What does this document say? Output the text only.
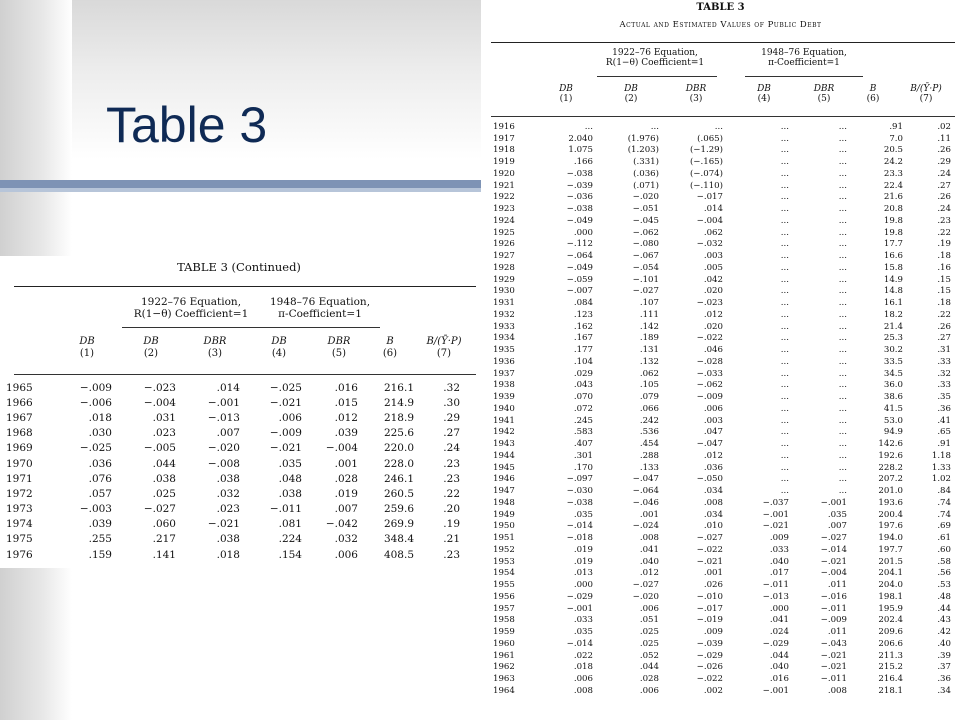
Table 3
TABLE 3 (Continued)
1922–76 Equation,
R(1−θ) Coefficient=1
1948–76 Equation,
π-Coefficient=1
DB
(1)
DB
(2)
DBR
(3)
DB
(4)
DBR
(5)
B
(6)
B/(Ȳ·P)
(7)
1965	−.009	−.023	.014	−.025	.016	216.1	.32
1966	−.006	−.004	−.001	−.021	.015	214.9	.30
1967	.018	.031	−.013	.006	.012	218.9	.29
1968	.030	.023	.007	−.009	.039	225.6	.27
1969	−.025	−.005	−.020	−.021	−.004	220.0	.24
1970	.036	.044	−.008	.035	.001	228.0	.23
1971	.076	.038	.038	.048	.028	246.1	.23
1972	.057	.025	.032	.038	.019	260.5	.22
1973	−.003	−.027	.023	−.011	.007	259.6	.20
1974	.039	.060	−.021	.081	−.042	269.9	.19
1975	.255	.217	.038	.224	.032	348.4	.21
1976	.159	.141	.018	.154	.006	408.5	.23
TABLE 3
Actual and Estimated Values of Public Debt
1922–76 Equation,
R(1−θ) Coefficient=1
1948–76 Equation,
π-Coefficient=1
DB
(1)
DB
(2)
DBR
(3)
DB
(4)
DBR
(5)
B
(6)
B/(Ȳ·P)
(7)
1916	...	...	...	...	...	.91	.02
1917	2.040	(1.976)	(.065)	...	...	7.0	.11
1918	1.075	(1.203)	(−1.29)	...	...	20.5	.26
1919	.166	(.331)	(−.165)	...	...	24.2	.29
1920	−.038	(.036)	(−.074)	...	...	23.3	.24
1921	−.039	(.071)	(−.110)	...	...	22.4	.27
1922	−.036	−.020	−.017	...	...	21.6	.26
1923	−.038	−.051	.014	...	...	20.8	.24
1924	−.049	−.045	−.004	...	...	19.8	.23
1925	.000	−.062	.062	...	...	19.8	.22
1926	−.112	−.080	−.032	...	...	17.7	.19
1927	−.064	−.067	.003	...	...	16.6	.18
1928	−.049	−.054	.005	...	...	15.8	.16
1929	−.059	−.101	.042	...	...	14.9	.15
1930	−.007	−.027	.020	...	...	14.8	.15
1931	.084	.107	−.023	...	...	16.1	.18
1932	.123	.111	.012	...	...	18.2	.22
1933	.162	.142	.020	...	...	21.4	.26
1934	.167	.189	−.022	...	...	25.3	.27
1935	.177	.131	.046	...	...	30.2	.31
1936	.104	.132	−.028	...	...	33.5	.33
1937	.029	.062	−.033	...	...	34.5	.32
1938	.043	.105	−.062	...	...	36.0	.33
1939	.070	.079	−.009	...	...	38.6	.35
1940	.072	.066	.006	...	...	41.5	.36
1941	.245	.242	.003	...	...	53.0	.41
1942	.583	.536	.047	...	...	94.9	.65
1943	.407	.454	−.047	...	...	142.6	.91
1944	.301	.288	.012	...	...	192.6	1.18
1945	.170	.133	.036	...	...	228.2	1.33
1946	−.097	−.047	−.050	...	...	207.2	1.02
1947	−.030	−.064	.034	...	...	201.0	.84
1948	−.038	−.046	.008	−.037	−.001	193.6	.74
1949	.035	.001	.034	−.001	.035	200.4	.74
1950	−.014	−.024	.010	−.021	.007	197.6	.69
1951	−.018	.008	−.027	.009	−.027	194.0	.61
1952	.019	.041	−.022	.033	−.014	197.7	.60
1953	.019	.040	−.021	.040	−.021	201.5	.58
1954	.013	.012	.001	.017	−.004	204.1	.56
1955	.000	−.027	.026	−.011	.011	204.0	.53
1956	−.029	−.020	−.010	−.013	−.016	198.1	.48
1957	−.001	.006	−.017	.000	−.011	195.9	.44
1958	.033	.051	−.019	.041	−.009	202.4	.43
1959	.035	.025	.009	.024	.011	209.6	.42
1960	−.014	.025	−.039	−.029	−.043	206.6	.40
1961	.022	.052	−.029	.044	−.021	211.3	.39
1962	.018	.044	−.026	.040	−.021	215.2	.37
1963	.006	.028	−.022	.016	−.011	216.4	.36
1964	.008	.006	.002	−.001	.008	218.1	.34
